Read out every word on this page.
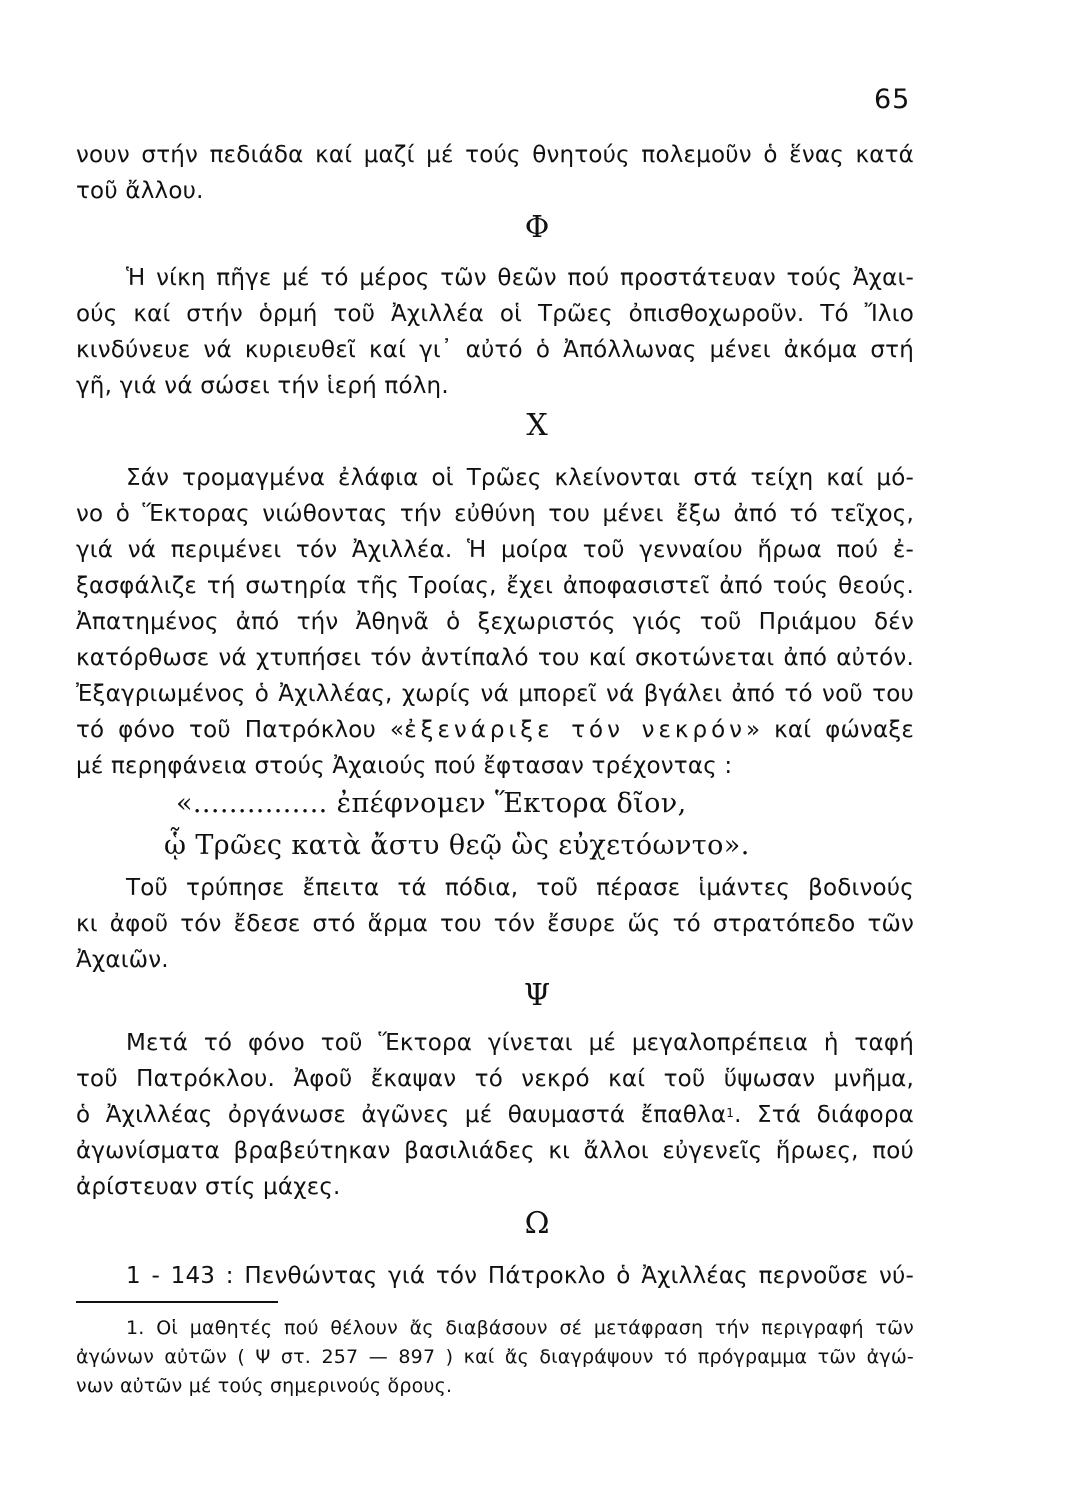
65
νουν στήν πεδιάδα καί μαζί μέ τούς θνητούς πολεμοῦν ὁ ἕνας κατά
τοῦ ἄλλου.
Φ
Ἡ νίκη πῆγε μέ τό μέρος τῶν θεῶν πού προστάτευαν τούς Ἀχαι-
ούς καί στήν ὁρμή τοῦ Ἀχιλλέα οἱ Τρῶες ὀπισθοχωροῦν. Τό Ἴλιο
κινδύνευε νά κυριευθεῖ καί γι᾿ αὐτό ὁ Ἀπόλλωνας μένει ἀκόμα στή
γῆ, γιά νά σώσει τήν ἱερή πόλη.
Χ
Σάν τρομαγμένα ἐλάφια οἱ Τρῶες κλείνονται στά τείχη καί μό-
νο ὁ Ἕκτορας νιώθοντας τήν εὐθύνη του μένει ἔξω ἀπό τό τεῖχος,
γιά νά περιμένει τόν Ἀχιλλέα. Ἡ μοίρα τοῦ γενναίου ἥρωα πού ἐ-
ξασφάλιζε τή σωτηρία τῆς Τροίας, ἔχει ἀποφασιστεῖ ἀπό τούς θεούς.
Ἀπατημένος ἀπό τήν Ἀθηνᾶ ὁ ξεχωριστός γιός τοῦ Πριάμου δέν
κατόρθωσε νά χτυπήσει τόν ἀντίπαλό του καί σκοτώνεται ἀπό αὐτόν.
Ἐξαγριωμένος ὁ Ἀχιλλέας, χωρίς νά μπορεῖ νά βγάλει ἀπό τό νοῦ του
τό φόνο τοῦ Πατρόκλου «ἐξενάριξε τόν νεκρόν» καί φώναξε
μέ περηφάνεια στούς Ἀχαιούς πού ἔφτασαν τρέχοντας :
«............... ἐπέφνομεν Ἕκτορα δῖον,
ᾧ Τρῶες κατὰ ἄστυ θεῷ ὣς εὐχετόωντο».
Τοῦ τρύπησε ἔπειτα τά πόδια, τοῦ πέρασε ἱμάντες βοδινούς
κι ἀφοῦ τόν ἔδεσε στό ἅρμα του τόν ἔσυρε ὥς τό στρατόπεδο τῶν
Ἀχαιῶν.
Ψ
Μετά τό φόνο τοῦ Ἕκτορα γίνεται μέ μεγαλοπρέπεια ἡ ταφή
τοῦ Πατρόκλου. Ἀφοῦ ἔκαψαν τό νεκρό καί τοῦ ὕψωσαν μνῆμα,
ὁ Ἀχιλλέας ὀργάνωσε ἀγῶνες μέ θαυμαστά ἔπαθλα$^1$. Στά διάφορα
ἀγωνίσματα βραβεύτηκαν βασιλιάδες κι ἄλλοι εὐγενεῖς ἥρωες, πού
ἀρίστευαν στίς μάχες.
Ω
1 - 143 : Πενθώντας γιά τόν Πάτροκλο ὁ Ἀχιλλέας περνοῦσε νύ-
1. Οἱ μαθητές πού θέλουν ἄς διαβάσουν σέ μετάφραση τήν περιγραφή τῶν
ἀγώνων αὐτῶν ( Ψ στ. 257 — 897 ) καί ἄς διαγράψουν τό πρόγραμμα τῶν ἀγώ-
νων αὐτῶν μέ τούς σημερινούς ὅρους.
